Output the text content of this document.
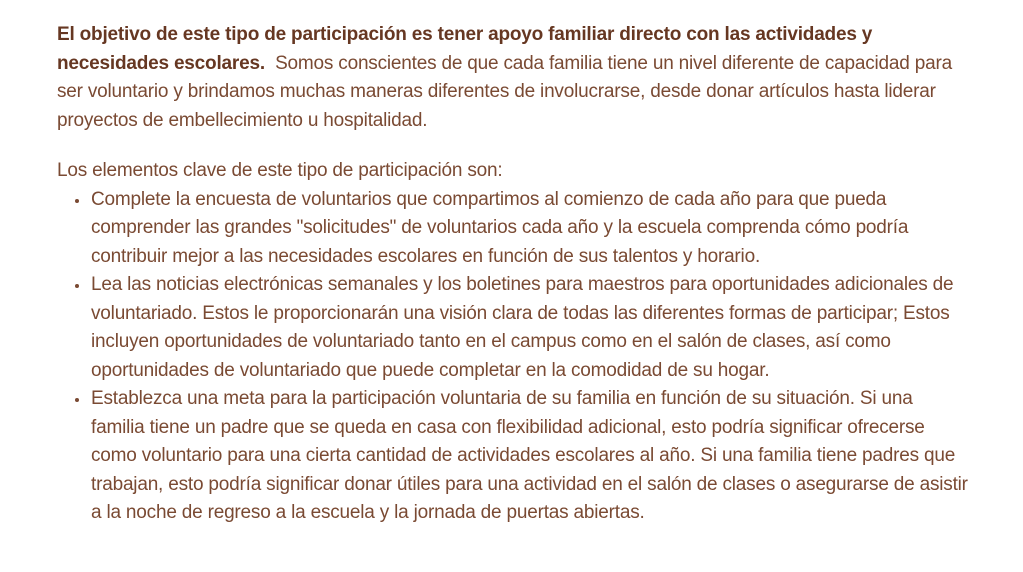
El objetivo de este tipo de participación es tener apoyo familiar directo con las actividades y necesidades escolares.  Somos conscientes de que cada familia tiene un nivel diferente de capacidad para ser voluntario y brindamos muchas maneras diferentes de involucrarse, desde donar artículos hasta liderar proyectos de embellecimiento u hospitalidad.

Los elementos clave de este tipo de participación son:

• Complete la encuesta de voluntarios que compartimos al comienzo de cada año para que pueda comprender las grandes "solicitudes" de voluntarios cada año y la escuela comprenda cómo podría contribuir mejor a las necesidades escolares en función de sus talentos y horario.
• Lea las noticias electrónicas semanales y los boletines para maestros para oportunidades adicionales de voluntariado. Estos le proporcionarán una visión clara de todas las diferentes formas de participar; Estos incluyen oportunidades de voluntariado tanto en el campus como en el salón de clases, así como oportunidades de voluntariado que puede completar en la comodidad de su hogar.
• Establezca una meta para la participación voluntaria de su familia en función de su situación. Si una familia tiene un padre que se queda en casa con flexibilidad adicional, esto podría significar ofrecerse como voluntario para una cierta cantidad de actividades escolares al año. Si una familia tiene padres que trabajan, esto podría significar donar útiles para una actividad en el salón de clases o asegurarse de asistir a la noche de regreso a la escuela y la jornada de puertas abiertas.
